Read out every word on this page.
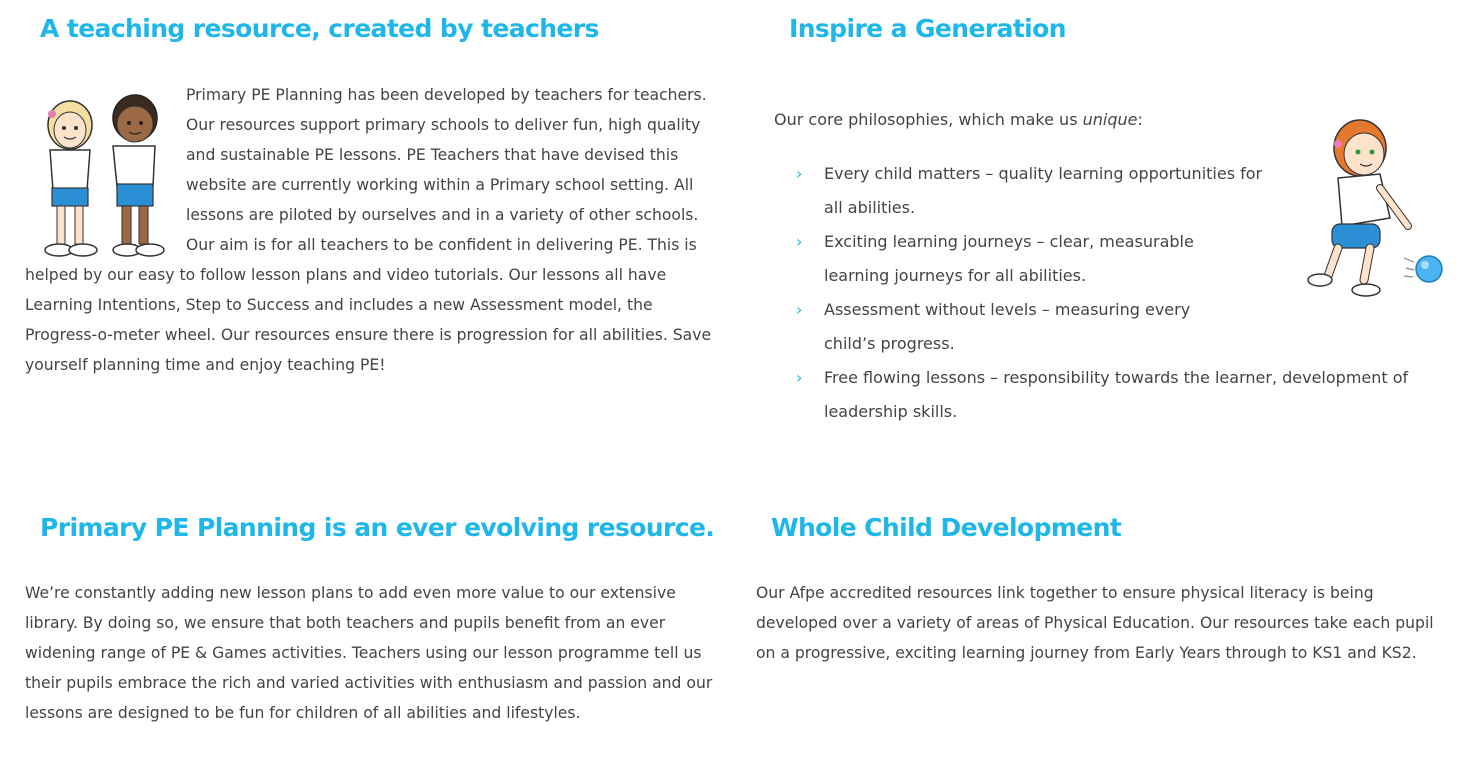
A teaching resource, created by teachers
Primary PE Planning has been developed by teachers for teachers. Our resources support primary schools to deliver fun, high quality and sustainable PE lessons. PE Teachers that have devised this website are currently working within a Primary school setting. All lessons are piloted by ourselves and in a variety of other schools. Our aim is for all teachers to be confident in delivering PE. This is helped by our easy to follow lesson plans and video tutorials. Our lessons all have Learning Intentions, Step to Success and includes a new Assessment model, the Progress-o-meter wheel. Our resources ensure there is progression for all abilities. Save yourself planning time and enjoy teaching PE!
Inspire a Generation

Our core philosophies, which make us unique:

› Every child matters – quality learning opportunities for all abilities.
› Exciting learning journeys – clear, measurable learning journeys for all abilities.
› Assessment without levels – measuring every child’s progress.
› Free flowing lessons – responsibility towards the learner, development of leadership skills.
Primary PE Planning is an ever evolving resource.

We’re constantly adding new lesson plans to add even more value to our extensive library. By doing so, we ensure that both teachers and pupils benefit from an ever widening range of PE & Games activities. Teachers using our lesson programme tell us their pupils embrace the rich and varied activities with enthusiasm and passion and our lessons are designed to be fun for children of all abilities and lifestyles.

Whole Child Development

Our Afpe accredited resources link together to ensure physical literacy is being developed over a variety of areas of Physical Education. Our resources take each pupil on a progressive, exciting learning journey from Early Years through to KS1 and KS2.
